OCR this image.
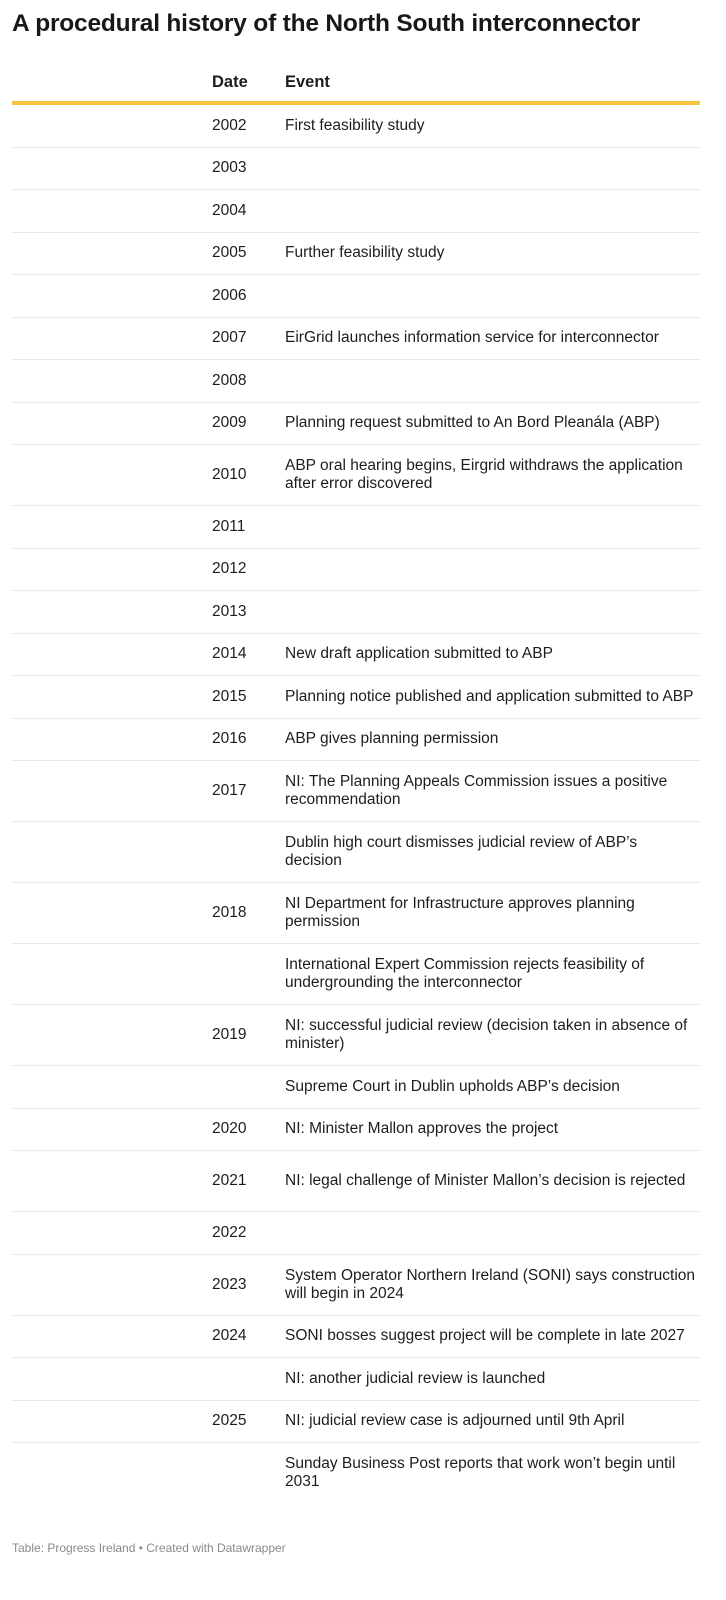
A procedural history of the North South interconnector
	Date	Event
	2002	First feasibility study
	2003	
	2004	
	2005	Further feasibility study
	2006	
	2007	EirGrid launches information service for interconnector
	2008	
	2009	Planning request submitted to An Bord Pleanála (ABP)
	2010	ABP oral hearing begins, Eirgrid withdraws the application after error discovered
	2011	
	2012	
	2013	
	2014	New draft application submitted to ABP
	2015	Planning notice published and application submitted to ABP
	2016	ABP gives planning permission
	2017	NI: The Planning Appeals Commission issues a positive recommendation
		Dublin high court dismisses judicial review of ABP’s decision
	2018	NI Department for Infrastructure approves planning permission
		International Expert Commission rejects feasibility of undergrounding the interconnector
	2019	NI: successful judicial review (decision taken in absence of minister)
		Supreme Court in Dublin upholds ABP’s decision
	2020	NI: Minister Mallon approves the project
	2021	NI: legal challenge of Minister Mallon’s decision is rejected
	2022	
	2023	System Operator Northern Ireland (SONI) says construction will begin in 2024
	2024	SONI bosses suggest project will be complete in late 2027
		NI: another judicial review is launched
	2025	NI: judicial review case is adjourned until 9th April
		Sunday Business Post reports that work won’t begin until 2031
Table: Progress Ireland • Created with Datawrapper
